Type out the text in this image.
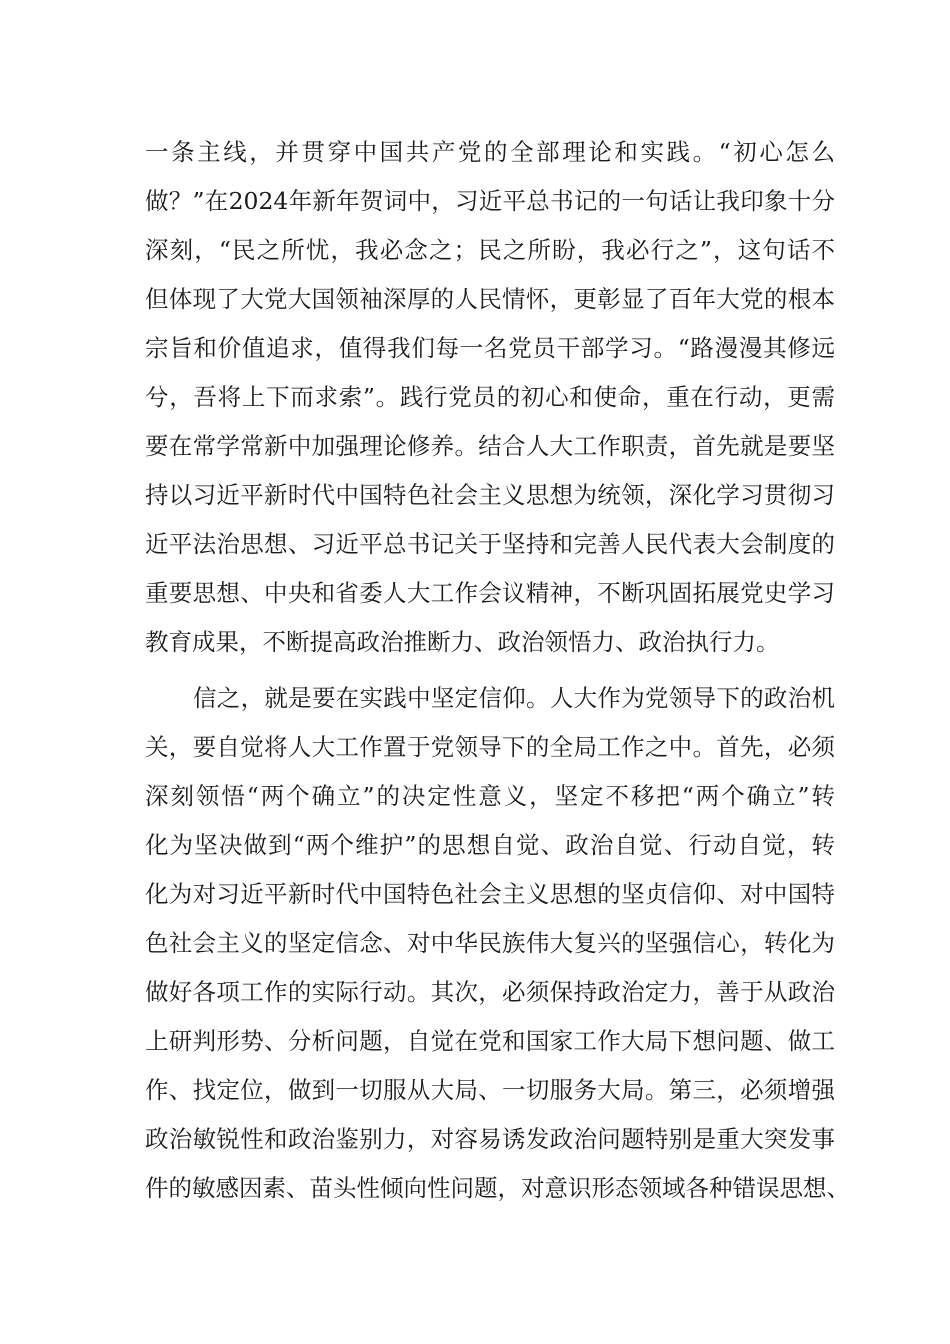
一条主线，并贯穿中国共产党的全部理论和实践。“初心怎么
做？”在2024年新年贺词中，习近平总书记的一句话让我印象十分
深刻，“民之所忧，我必念之；民之所盼，我必行之”，这句话不
但体现了大党大国领袖深厚的人民情怀，更彰显了百年大党的根本
宗旨和价值追求，值得我们每一名党员干部学习。“路漫漫其修远
兮，吾将上下而求索”。践行党员的初心和使命，重在行动，更需
要在常学常新中加强理论修养。结合人大工作职责，首先就是要坚
持以习近平新时代中国特色社会主义思想为统领，深化学习贯彻习
近平法治思想、习近平总书记关于坚持和完善人民代表大会制度的
重要思想、中央和省委人大工作会议精神，不断巩固拓展党史学习
教育成果，不断提高政治推断力、政治领悟力、政治执行力。
信之，就是要在实践中坚定信仰。人大作为党领导下的政治机
关，要自觉将人大工作置于党领导下的全局工作之中。首先，必须
深刻领悟“两个确立”的决定性意义，坚定不移把“两个确立”转
化为坚决做到“两个维护”的思想自觉、政治自觉、行动自觉，转
化为对习近平新时代中国特色社会主义思想的坚贞信仰、对中国特
色社会主义的坚定信念、对中华民族伟大复兴的坚强信心，转化为
做好各项工作的实际行动。其次，必须保持政治定力，善于从政治
上研判形势、分析问题，自觉在党和国家工作大局下想问题、做工
作、找定位，做到一切服从大局、一切服务大局。第三，必须增强
政治敏锐性和政治鉴别力，对容易诱发政治问题特别是重大突发事
件的敏感因素、苗头性倾向性问题，对意识形态领域各种错误思想、
